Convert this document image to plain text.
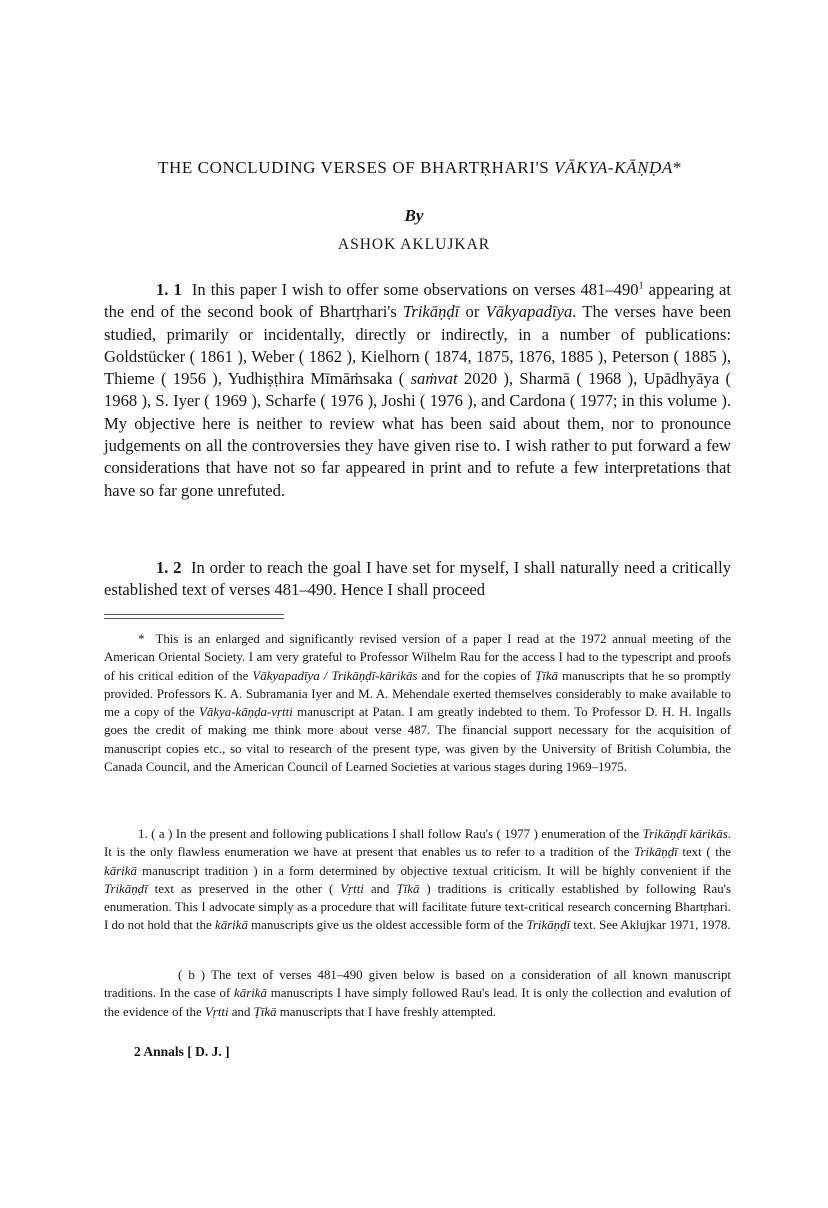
THE CONCLUDING VERSES OF BHARTṚHARI'S VĀKYA-KĀṆḌA*
By
ASHOK AKLUJKAR
1. 1 In this paper I wish to offer some observations on verses $481-490^1$ appearing at the end of the second book of Bhartṛhari's Trikāṇḍī or Vākyapadīya. The verses have been studied, primarily or incidentally, directly or indirectly, in a number of publications: Goldstücker ( 1861 ), Weber ( 1862 ), Kielhorn ( 1874, 1875, 1876, 1885 ), Peterson ( 1885 ), Thieme ( 1956 ), Yudhiṣṭhira Mīmāṁsaka ( saṁvat 2020 ), Sharmā ( 1968 ), Upādhyāya ( 1968 ), S. Iyer ( 1969 ), Scharfe ( 1976 ), Joshi ( 1976 ), and Cardona ( 1977; in this volume ). My objective here is neither to review what has been said about them, nor to pronounce judgements on all the controversies they have given rise to. I wish rather to put forward a few considerations that have not so far appeared in print and to refute a few interpretations that have so far gone unrefuted.
1. 2 In order to reach the goal I have set for myself, I shall naturally need a critically established text of verses 481–490. Hence I shall proceed
* This is an enlarged and significantly revised version of a paper I read at the 1972 annual meeting of the American Oriental Society. I am very grateful to Professor Wilhelm Rau for the access I had to the typescript and proofs of his critical edition of the Vākyapadīya / Trikāṇḍī-kārikās and for the copies of Ṭīkā manuscripts that he so promptly provided. Professors K. A. Subramania Iyer and M. A. Mehendale exerted themselves considerably to make available to me a copy of the Vākya-kāṇḍa-vṛtti manuscript at Patan. I am greatly indebted to them. To Professor D. H. H. Ingalls goes the credit of making me think more about verse 487. The financial support necessary for the acquisition of manuscript copies etc., so vital to research of the present type, was given by the University of British Columbia, the Canada Council, and the American Council of Learned Societies at various stages during 1969–1975.
1. ( a ) In the present and following publications I shall follow Rau's ( 1977 ) enumeration of the Trikāṇḍī kārikās. It is the only flawless enumeration we have at present that enables us to refer to a tradition of the Trikāṇḍī text ( the kārikā manuscript tradition ) in a form determined by objective textual criticism. It will be highly convenient if the Trikāṇḍī text as preserved in the other ( Vṛtti and Ṭīkā ) traditions is critically established by following Rau's enumeration. This I advocate simply as a procedure that will facilitate future text-critical research concerning Bhartṛhari. I do not hold that the kārikā manuscripts give us the oldest accessible form of the Trikāṇḍī text. See Aklujkar 1971, 1978.
( b ) The text of verses 481–490 given below is based on a consideration of all known manuscript traditions. In the case of kārikā manuscripts I have simply followed Rau's lead. It is only the collection and evalution of the evidence of the Vṛtti and Ṭīkā manuscripts that I have freshly attempted.
2 Annals [ D. J. ]
